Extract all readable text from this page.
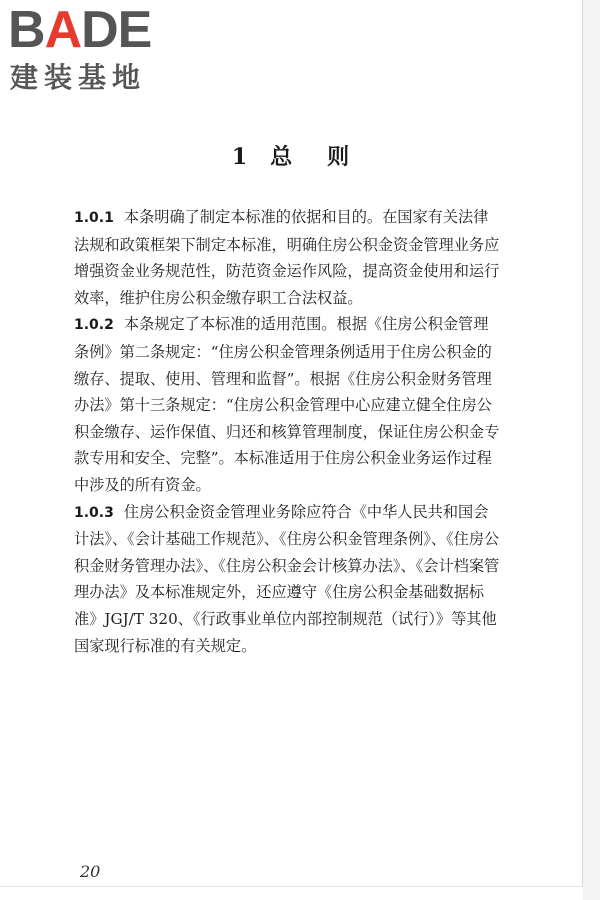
BADE
建装基地
1 总 则

1.0.1 本条明确了制定本标准的依据和目的。在国家有关法律
法规和政策框架下制定本标准，明确住房公积金资金管理业务应
增强资金业务规范性，防范资金运作风险，提高资金使用和运行
效率，维护住房公积金缴存职工合法权益。

1.0.2 本条规定了本标准的适用范围。根据《住房公积金管理
条例》第二条规定：“住房公积金管理条例适用于住房公积金的
缴存、提取、使用、管理和监督”。根据《住房公积金财务管理
办法》第十三条规定：“住房公积金管理中心应建立健全住房公
积金缴存、运作保值、归还和核算管理制度，保证住房公积金专
款专用和安全、完整”。本标准适用于住房公积金业务运作过程
中涉及的所有资金。

1.0.3 住房公积金资金管理业务除应符合《中华人民共和国会
计法》、《会计基础工作规范》、《住房公积金管理条例》、《住房公
积金财务管理办法》、《住房公积金会计核算办法》、《会计档案管
理办法》及本标准规定外，还应遵守《住房公积金基础数据标
准》JGJ/T 320、《行政事业单位内部控制规范（试行）》等其他
国家现行标准的有关规定。

20
